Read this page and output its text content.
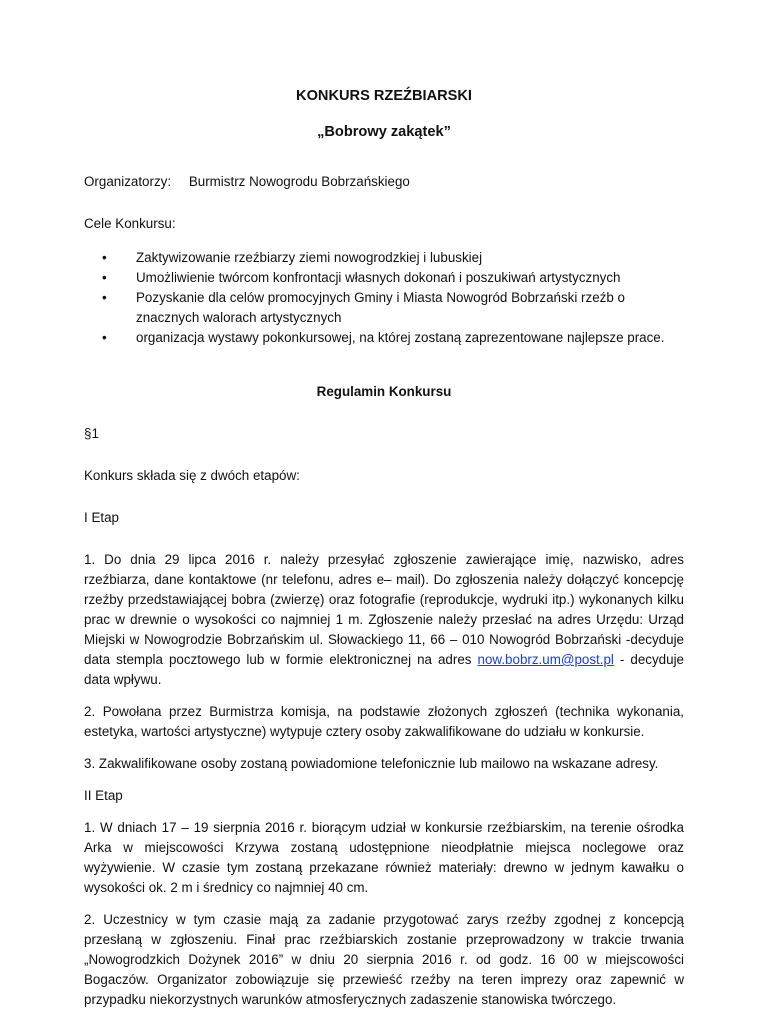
KONKURS RZEŹBIARSKI

„Bobrowy zakątek”

Organizatorzy: Burmistrz Nowogrodu Bobrzańskiego

Cele Konkursu:

• Zaktywizowanie rzeźbiarzy ziemi nowogrodzkiej i lubuskiej
• Umożliwienie twórcom konfrontacji własnych dokonań i poszukiwań artystycznych
• Pozyskanie dla celów promocyjnych Gminy i Miasta Nowogród Bobrzański rzeźb o znacznych walorach artystycznych
• organizacja wystawy pokonkursowej, na której zostaną zaprezentowane najlepsze prace.

Regulamin Konkursu

§1

Konkurs składa się z dwóch etapów:

I Etap

1. Do dnia 29 lipca 2016 r. należy przesyłać zgłoszenie zawierające imię, nazwisko, adres rzeźbiarza, dane kontaktowe (nr telefonu, adres e– mail). Do zgłoszenia należy dołączyć koncepcję rzeźby przedstawiającej bobra (zwierzę) oraz fotografie (reprodukcje, wydruki itp.) wykonanych kilku prac w drewnie o wysokości co najmniej 1 m. Zgłoszenie należy przesłać na adres Urzędu: Urząd Miejski w Nowogrodzie Bobrzańskim ul. Słowackiego 11, 66 – 010 Nowogród Bobrzański -decyduje data stempla pocztowego lub w formie elektronicznej na adres now.bobrz.um@post.pl - decyduje data wpływu.

2. Powołana przez Burmistrza komisja, na podstawie złożonych zgłoszeń (technika wykonania, estetyka, wartości artystyczne) wytypuje cztery osoby zakwalifikowane do udziału w konkursie.

3. Zakwalifikowane osoby zostaną powiadomione telefonicznie lub mailowo na wskazane adresy.

II Etap

1. W dniach 17 – 19 sierpnia 2016 r. biorącym udział w konkursie rzeźbiarskim, na terenie ośrodka Arka w miejscowości Krzywa zostaną udostępnione nieodpłatnie miejsca noclegowe oraz wyżywienie. W czasie tym zostaną przekazane również materiały: drewno w jednym kawałku o wysokości ok. 2 m i średnicy co najmniej 40 cm.

2. Uczestnicy w tym czasie mają za zadanie przygotować zarys rzeźby zgodnej z koncepcją przesłaną w zgłoszeniu. Finał prac rzeźbiarskich zostanie przeprowadzony w trakcie trwania „Nowogrodzkich Dożynek 2016” w dniu 20 sierpnia 2016 r. od godz. 16 00 w miejscowości Bogaczów. Organizator zobowiązuje się przewieść rzeźby na teren imprezy oraz zapewnić w przypadku niekorzystnych warunków atmosferycznych zadaszenie stanowiska twórczego.
